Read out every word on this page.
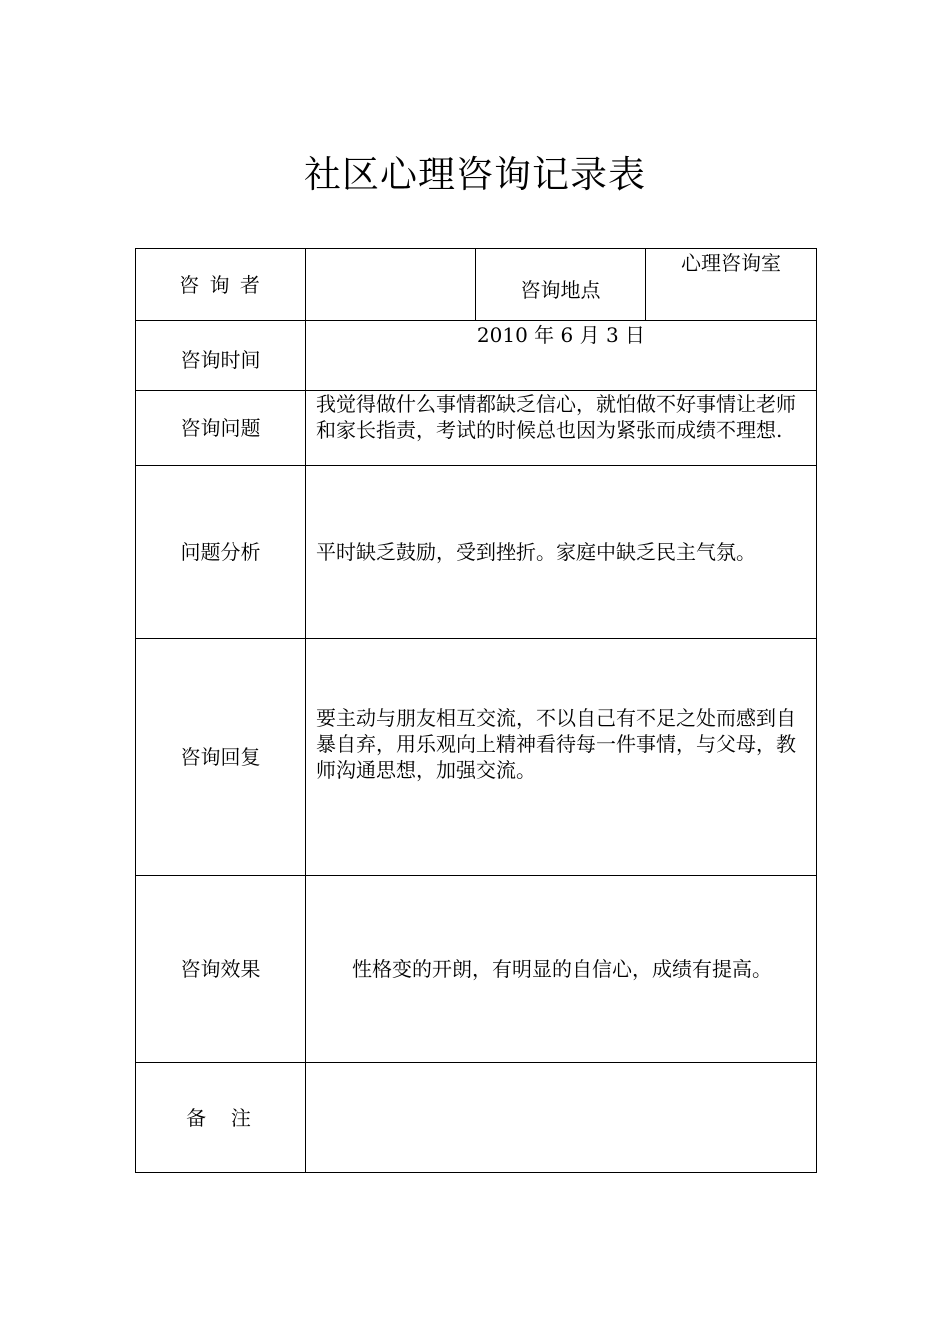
社区心理咨询记录表
咨 询 者		咨询地点	心理咨询室
咨询时间	2010 年 6 月 3 日		
咨询问题	我觉得做什么事情都缺乏信心，就怕做不好事情让老师和家长指责，考试的时候总也因为紧张而成绩不理想.		
问题分析	平时缺乏鼓励，受到挫折。家庭中缺乏民主气氛。		
咨询回复	要主动与朋友相互交流，不以自己有不足之处而感到自暴自弃，用乐观向上精神看待每一件事情，与父母，教师沟通思想，加强交流。		
咨询效果	性格变的开朗，有明显的自信心，成绩有提高。		
备  注			
